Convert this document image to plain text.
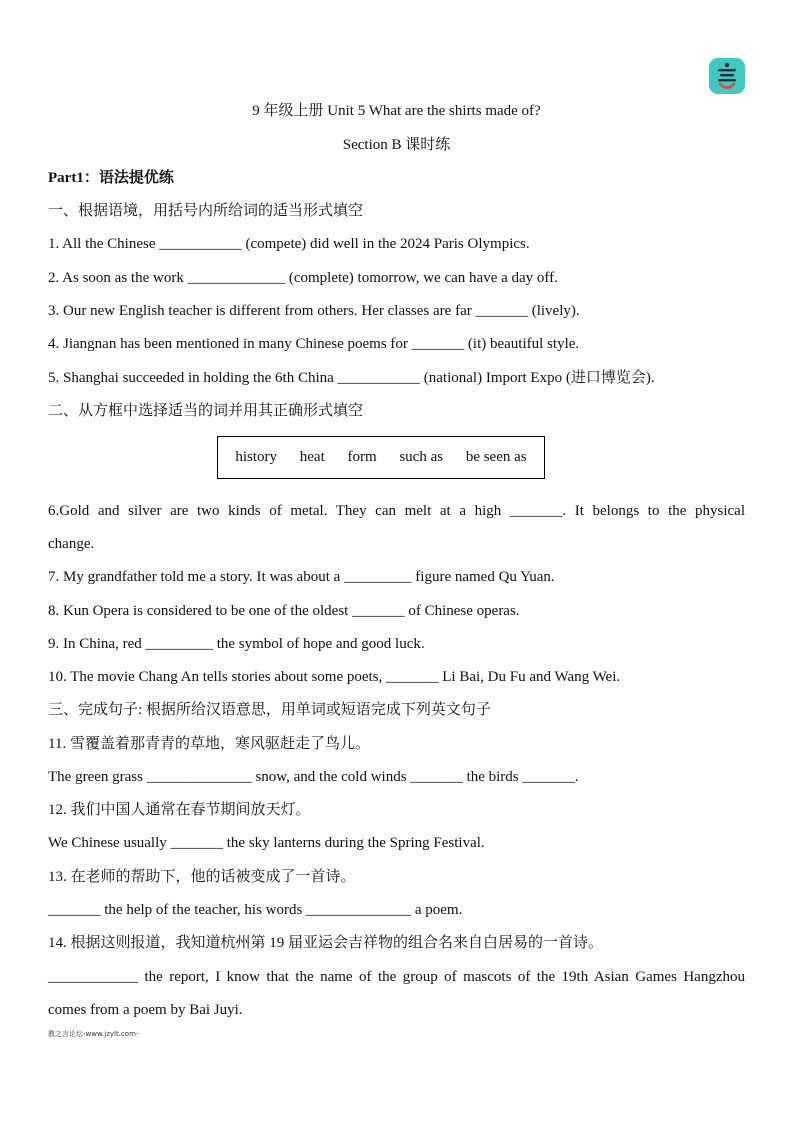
9 年级上册 Unit 5 What are the shirts made of?
Section B 课时练
Part1：语法提优练
一、根据语境，用括号内所给词的适当形式填空
1. All the Chinese ___________ (compete) did well in the 2024 Paris Olympics.
2. As soon as the work _____________ (complete) tomorrow, we can have a day off.
3. Our new English teacher is different from others. Her classes are far _______ (lively).
4. Jiangnan has been mentioned in many Chinese poems for _______ (it) beautiful style.
5. Shanghai succeeded in holding the 6th China ___________ (national) Import Expo (进口博览会).
二、从方框中选择适当的词并用其正确形式填空
history heat form such as be seen as
6.Gold and silver are two kinds of metal. They can melt at a high _______. It belongs to the physical
change.
7. My grandfather told me a story. It was about a _________ figure named Qu Yuan.
8. Kun Opera is considered to be one of the oldest _______ of Chinese operas.
9. In China, red _________ the symbol of hope and good luck.
10. The movie Chang An tells stories about some poets, _______ Li Bai, Du Fu and Wang Wei.
三、完成句子: 根据所给汉语意思，用单词或短语完成下列英文句子
11. 雪覆盖着那青青的草地，寒风驱赶走了鸟儿。
The green grass ______________ snow, and the cold winds _______ the birds _______.
12. 我们中国人通常在春节期间放天灯。
We Chinese usually _______ the sky lanterns during the Spring Festival.
13. 在老师的帮助下，他的话被变成了一首诗。
_______ the help of the teacher, his words ______________ a poem.
14. 根据这则报道，我知道杭州第 19 届亚运会吉祥物的组合名来自白居易的一首诗。
____________ the report, I know that the name of the group of mascots of the 19th Asian Games Hangzhou
comes from a poem by Bai Juyi.
教之言论坛-www.jzylt.com-
